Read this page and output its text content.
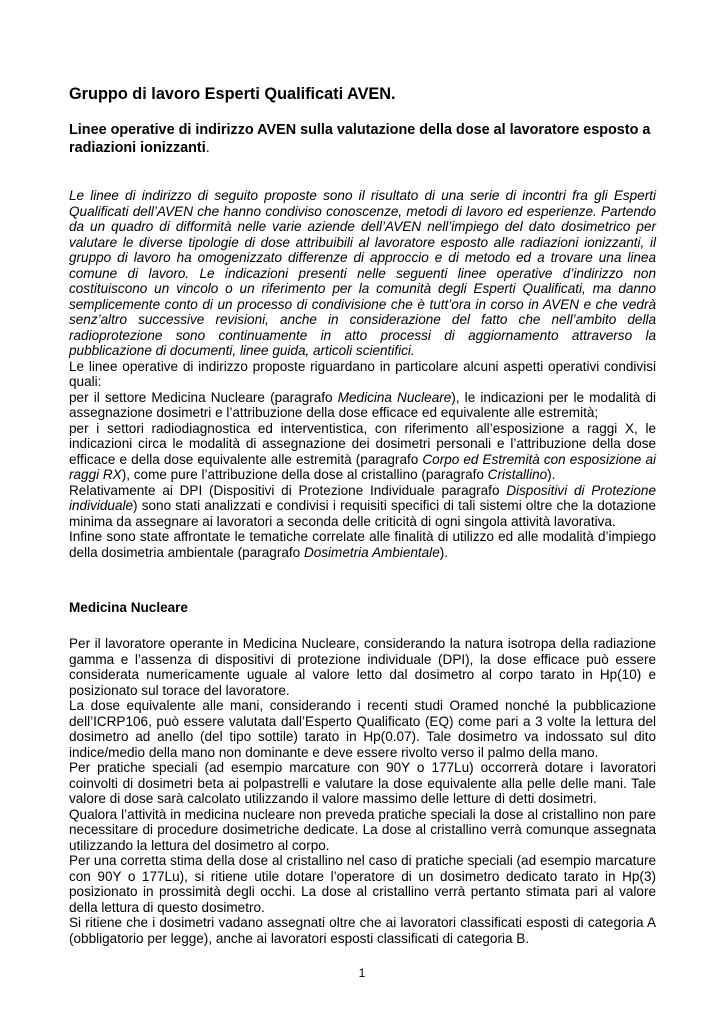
Gruppo di lavoro Esperti Qualificati AVEN.
Linee operative di indirizzo AVEN sulla valutazione della dose al lavoratore esposto a radiazioni ionizzanti.

Le linee di indirizzo di seguito proposte sono il risultato di una serie di incontri fra gli Esperti Qualificati dell’AVEN che hanno condiviso conoscenze, metodi di lavoro ed esperienze. Partendo da un quadro di difformità nelle varie aziende dell’AVEN nell’impiego del dato dosimetrico per valutare le diverse tipologie di dose attribuibili al lavoratore esposto alle radiazioni ionizzanti, il gruppo di lavoro ha omogenizzato differenze di approccio e di metodo ed a trovare una linea comune di lavoro. Le indicazioni presenti nelle seguenti linee operative d’indirizzo non costituiscono un vincolo o un riferimento per la comunità degli Esperti Qualificati, ma danno semplicemente conto di un processo di condivisione che è tutt’ora in corso in AVEN e che vedrà senz’altro successive revisioni, anche in considerazione del fatto che nell’ambito della radioprotezione sono continuamente in atto processi di aggiornamento attraverso la pubblicazione di documenti, linee guida, articoli scientifici.

Le linee operative di indirizzo proposte riguardano in particolare alcuni aspetti operativi condivisi quali:

per il settore Medicina Nucleare (paragrafo Medicina Nucleare), le indicazioni per le modalità di assegnazione dosimetri e l’attribuzione della dose efficace ed equivalente alle estremità;

per i settori radiodiagnostica ed interventistica, con riferimento all’esposizione a raggi X, le indicazioni circa le modalità di assegnazione dei dosimetri personali e l’attribuzione della dose efficace e della dose equivalente alle estremità (paragrafo Corpo ed Estremità con esposizione ai raggi RX), come pure l’attribuzione della dose al cristallino (paragrafo Cristallino).

Relativamente ai DPI (Dispositivi di Protezione Individuale paragrafo Dispositivi di Protezione individuale) sono stati analizzati e condivisi i requisiti specifici di tali sistemi oltre che la dotazione minima da assegnare ai lavoratori a seconda delle criticità di ogni singola attività lavorativa.

Infine sono state affrontate le tematiche correlate alle finalità di utilizzo ed alle modalità d’impiego della dosimetria ambientale (paragrafo Dosimetria Ambientale).

Medicina Nucleare

Per il lavoratore operante in Medicina Nucleare, considerando la natura isotropa della radiazione gamma e l’assenza di dispositivi di protezione individuale (DPI), la dose efficace può essere considerata numericamente uguale al valore letto dal dosimetro al corpo tarato in Hp(10) e posizionato sul torace del lavoratore.

La dose equivalente alle mani, considerando i recenti studi Oramed nonché la pubblicazione dell’ICRP106, può essere valutata dall’Esperto Qualificato (EQ) come pari a 3 volte la lettura del dosimetro ad anello (del tipo sottile) tarato in Hp(0.07). Tale dosimetro va indossato sul dito indice/medio della mano non dominante e deve essere rivolto verso il palmo della mano.

Per pratiche speciali (ad esempio marcature con 90Y o 177Lu) occorrerà dotare i lavoratori coinvolti di dosimetri beta ai polpastrelli e valutare la dose equivalente alla pelle delle mani. Tale valore di dose sarà calcolato utilizzando il valore massimo delle letture di detti dosimetri.

Qualora l’attività in medicina nucleare non preveda pratiche speciali la dose al cristallino non pare necessitare di procedure dosimetriche dedicate. La dose al cristallino verrà comunque assegnata utilizzando la lettura del dosimetro al corpo.

Per una corretta stima della dose al cristallino nel caso di pratiche speciali (ad esempio marcature con 90Y o 177Lu), si ritiene utile dotare l’operatore di un dosimetro dedicato tarato in Hp(3) posizionato in prossimità degli occhi. La dose al cristallino verrà pertanto stimata pari al valore della lettura di questo dosimetro.

Si ritiene che i dosimetri vadano assegnati oltre che ai lavoratori classificati esposti di categoria A (obbligatorio per legge), anche ai lavoratori esposti classificati di categoria B.

1
